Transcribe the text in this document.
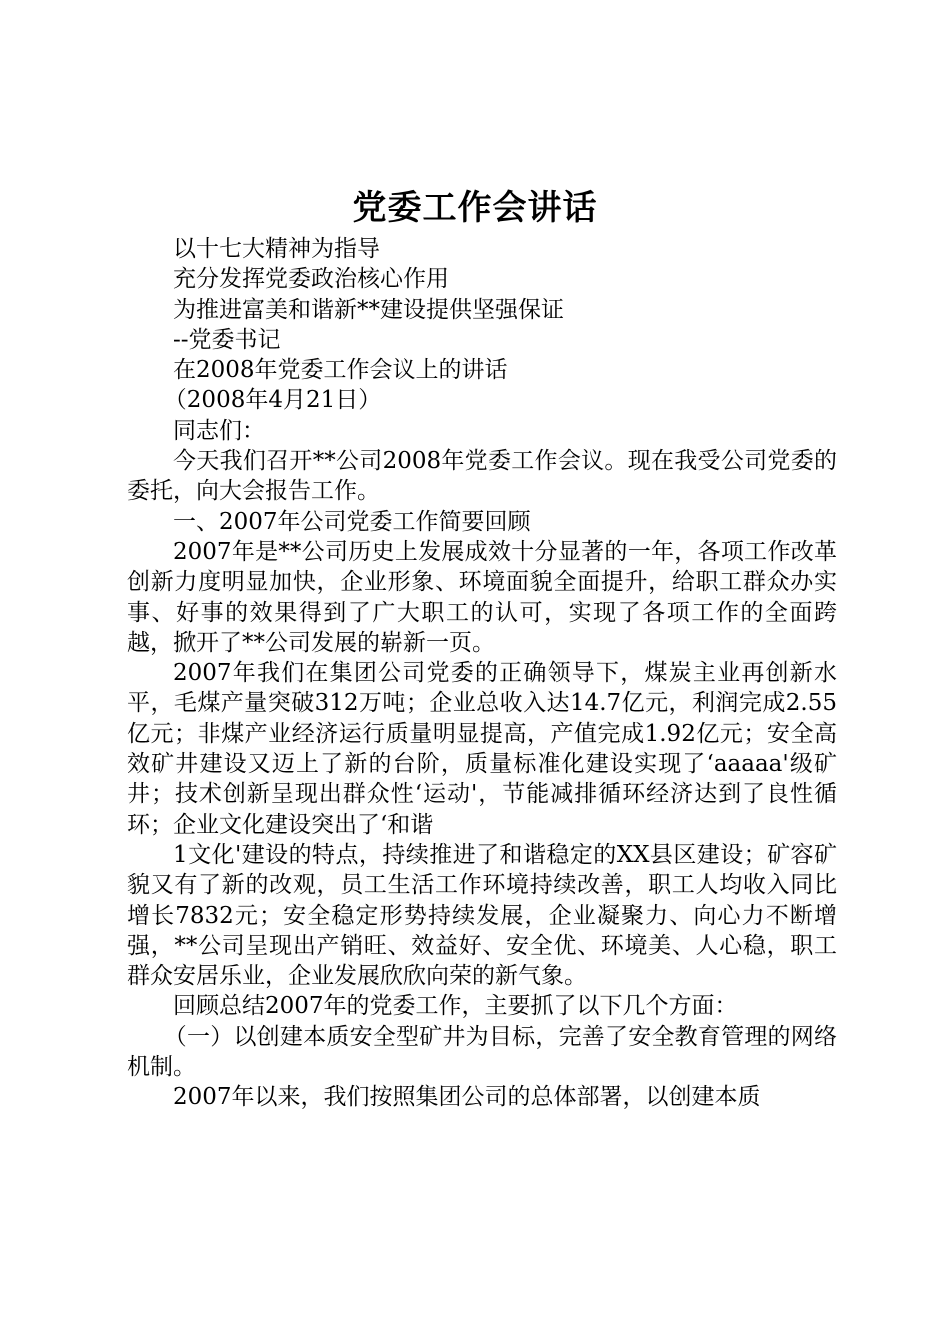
党委工作会讲话

以十七大精神为指导

充分发挥党委政治核心作用

为推进富美和谐新**建设提供坚强保证

--党委书记

在2008年党委工作会议上的讲话

（2008年4月21日）

同志们：

今天我们召开**公司2008年党委工作会议。现在我受公司党委的委托，向大会报告工作。

一、2007年公司党委工作简要回顾

2007年是**公司历史上发展成效十分显著的一年，各项工作改革创新力度明显加快，企业形象、环境面貌全面提升，给职工群众办实事、好事的效果得到了广大职工的认可，实现了各项工作的全面跨越，掀开了**公司发展的崭新一页。

2007年我们在集团公司党委的正确领导下，煤炭主业再创新水平，毛煤产量突破312万吨；企业总收入达14.7亿元，利润完成2.55亿元；非煤产业经济运行质量明显提高，产值完成1.92亿元；安全高效矿井建设又迈上了新的台阶，质量标准化建设实现了‘aaaaa'级矿井；技术创新呈现出群众性‘运动'，节能减排循环经济达到了良性循环；企业文化建设突出了‘和谐

1文化'建设的特点，持续推进了和谐稳定的XX县区建设；矿容矿貌又有了新的改观，员工生活工作环境持续改善，职工人均收入同比增长7832元；安全稳定形势持续发展，企业凝聚力、向心力不断增强，**公司呈现出产销旺、效益好、安全优、环境美、人心稳，职工群众安居乐业，企业发展欣欣向荣的新气象。

回顾总结2007年的党委工作，主要抓了以下几个方面：

（一）以创建本质安全型矿井为目标，完善了安全教育管理的网络机制。

2007年以来，我们按照集团公司的总体部署，以创建本质
